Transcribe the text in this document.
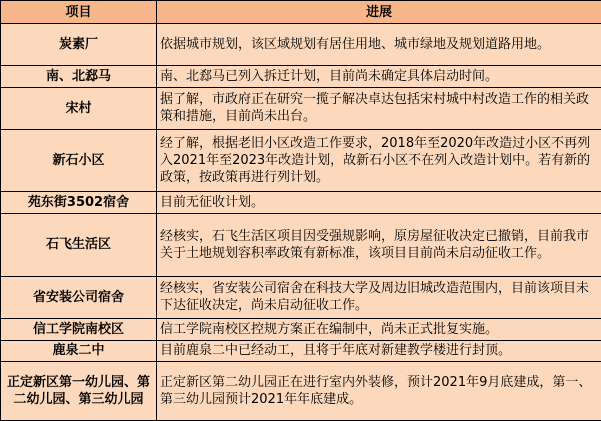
项目	进展
炭素厂	依据城市规划，该区域规划有居住用地、城市绿地及规划道路用地。
南、北郄马	南、北郄马已列入拆迁计划，目前尚未确定具体启动时间。
宋村	据了解，市政府正在研究一揽子解决卓达包括宋村城中村改造工作的相关政策和措施，目前尚未出台。
新石小区	经了解，根据老旧小区改造工作要求，2018年至2020年改造过小区不再列入2021年至2023年改造计划，故新石小区不在列入改造计划中。若有新的政策，按政策再进行列计划。
苑东街3502宿舍	目前无征收计划。
石飞生活区	经核实，石飞生活区项目因受强规影响，原房屋征收决定已撤销，目前我市关于土地规划容积率政策有新标准，该项目目前尚未启动征收工作。
省安装公司宿舍	经核实，省安装公司宿舍在科技大学及周边旧城改造范围内，目前该项目未下达征收决定，尚未启动征收工作。
信工学院南校区	信工学院南校区控规方案正在编制中，尚未正式批复实施。
鹿泉二中	目前鹿泉二中已经动工，且将于年底对新建教学楼进行封顶。
正定新区第一幼儿园、第二幼儿园、第三幼儿园	正定新区第二幼儿园正在进行室内外装修，预计2021年9月底建成，第一、第三幼儿园预计2021年年底建成。
